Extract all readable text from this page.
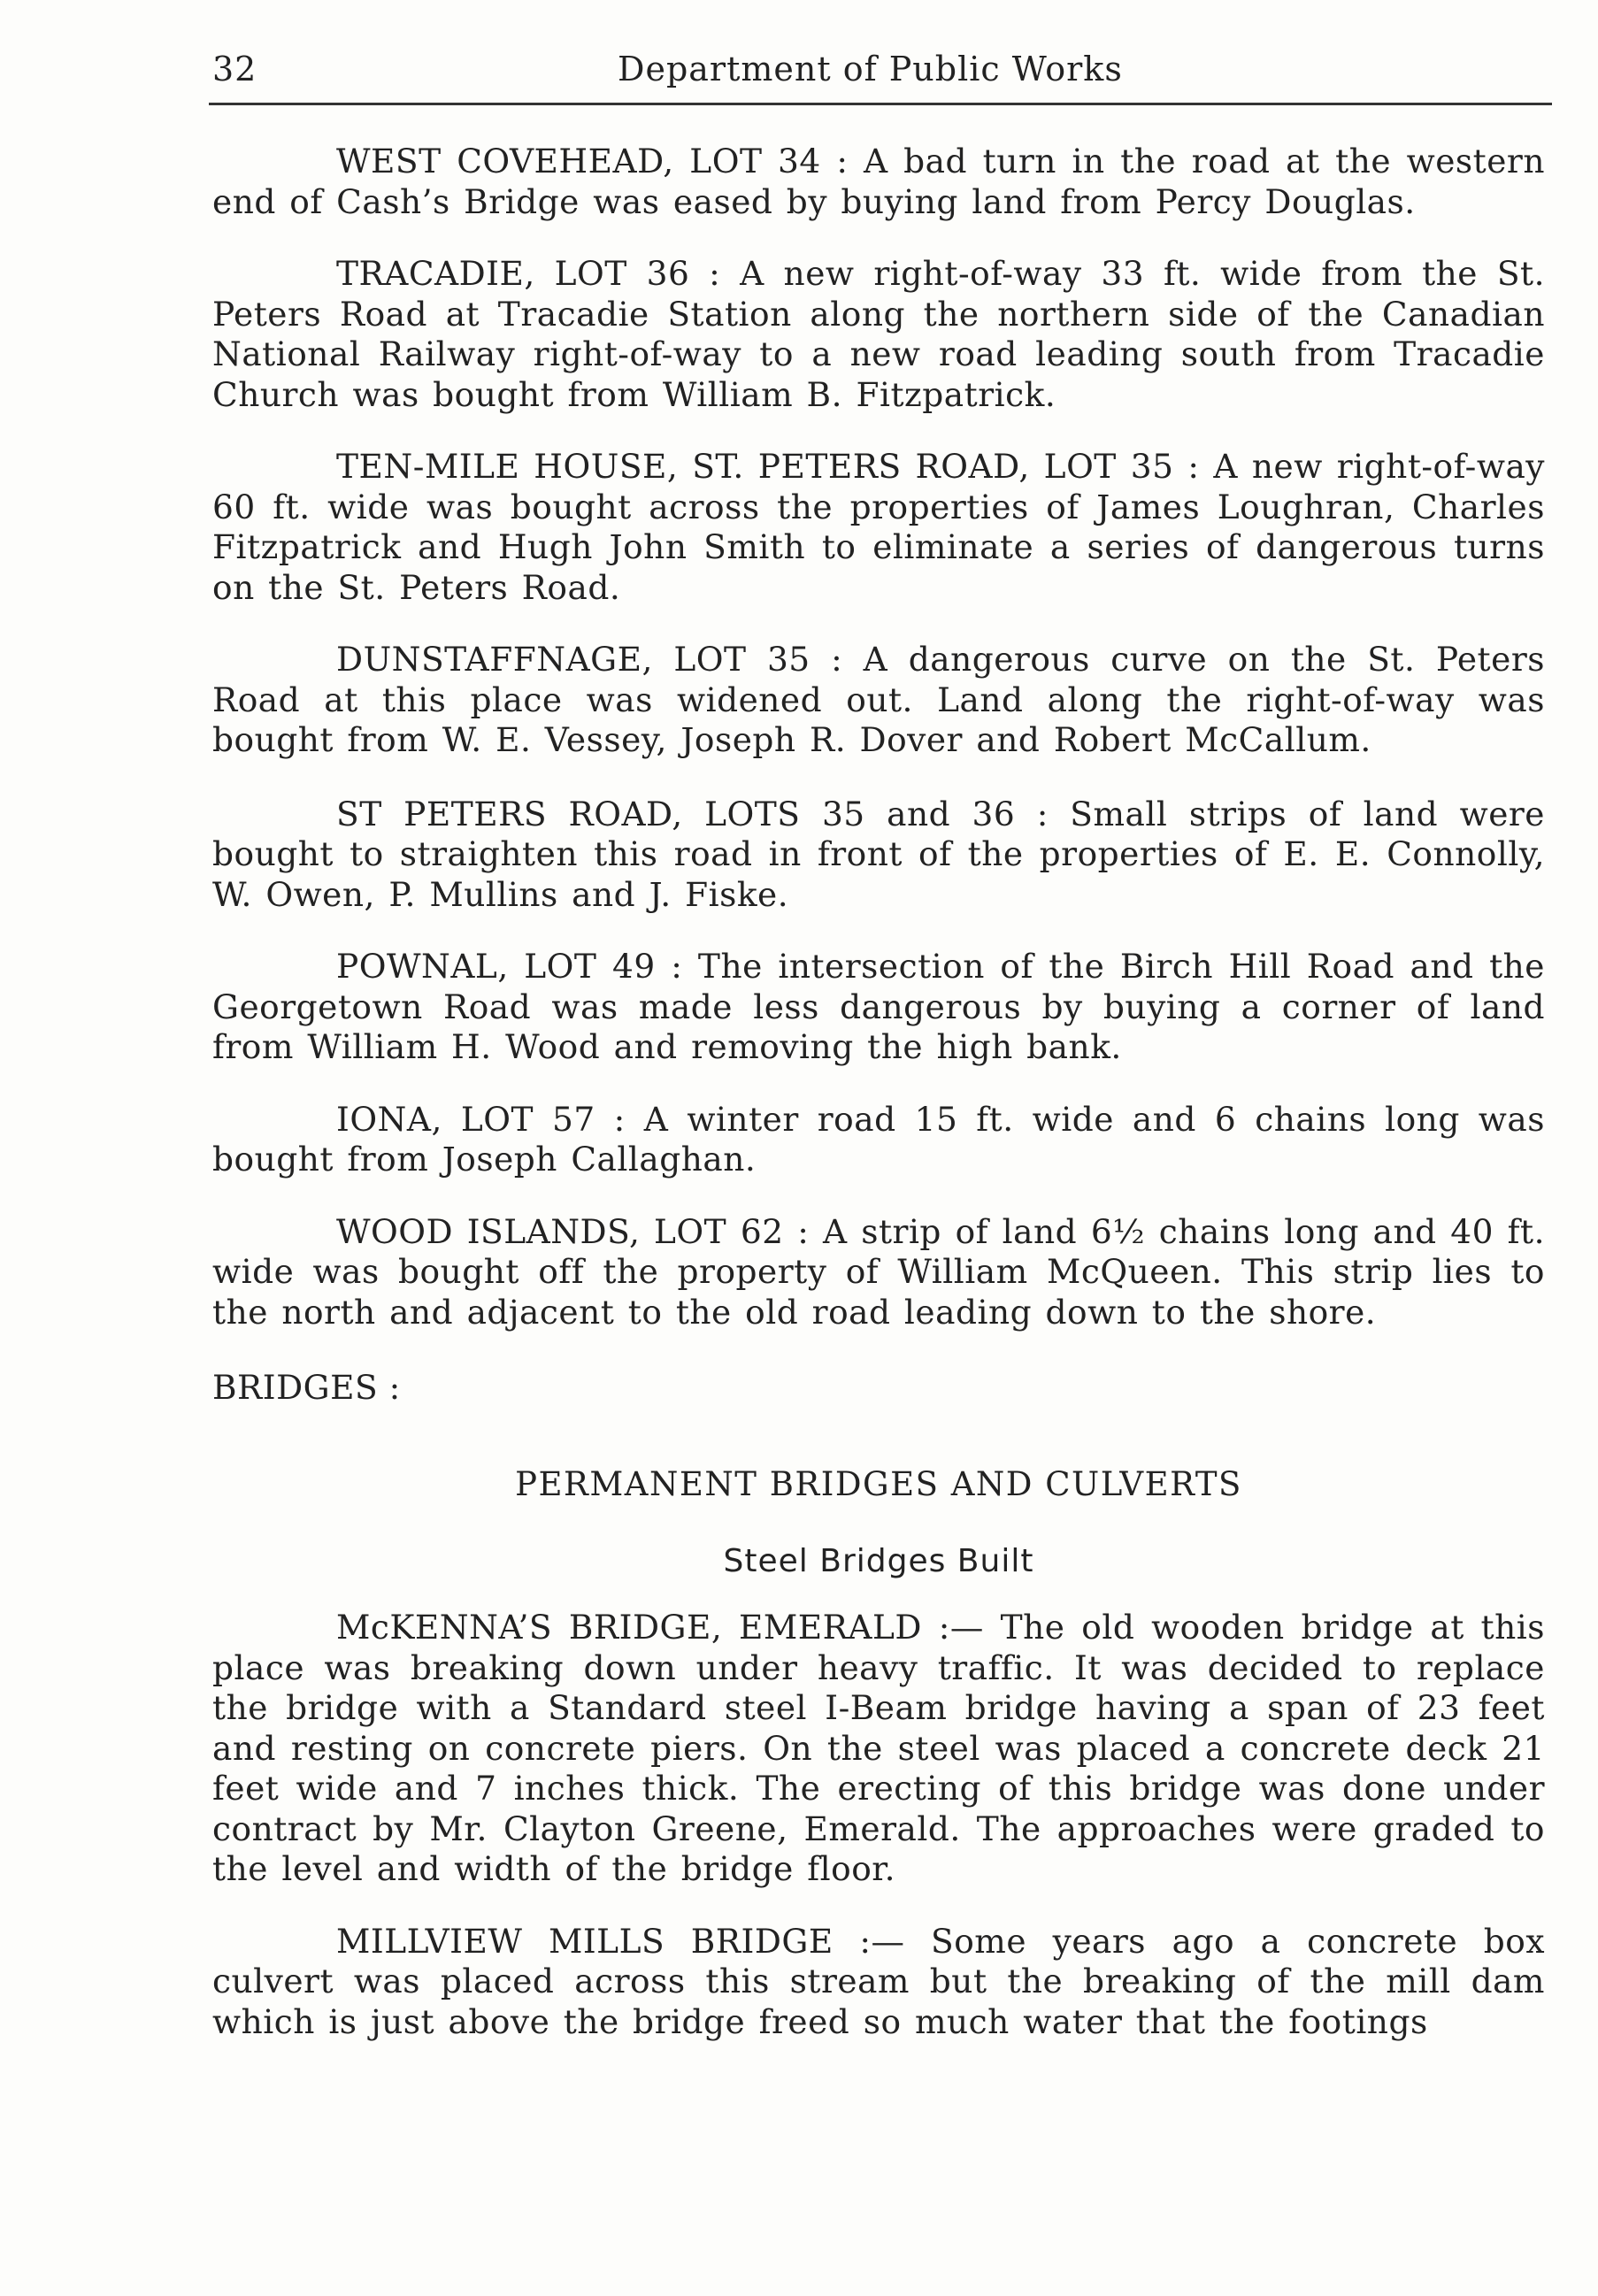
32	Department of Public Works

WEST COVEHEAD, LOT 34 : A bad turn in the road at the western end of Cash’s Bridge was eased by buying land from Percy Douglas.

TRACADIE, LOT 36 : A new right-of-way 33 ft. wide from the St. Peters Road at Tracadie Station along the northern side of the Canadian National Railway right-of-way to a new road leading south from Tracadie Church was bought from William B. Fitzpatrick.

TEN-MILE HOUSE, ST. PETERS ROAD, LOT 35 : A new right-of-way 60 ft. wide was bought across the properties of James Loughran, Charles Fitzpatrick and Hugh John Smith to eliminate a series of dangerous turns on the St. Peters Road.

DUNSTAFFNAGE, LOT 35 : A dangerous curve on the St. Peters Road at this place was widened out. Land along the right-of-way was bought from W. E. Vessey, Joseph R. Dover and Robert McCallum.

ST PETERS ROAD, LOTS 35 and 36 : Small strips of land were bought to straighten this road in front of the properties of E. E. Connolly, W. Owen, P. Mullins and J. Fiske.

POWNAL, LOT 49 : The intersection of the Birch Hill Road and the Georgetown Road was made less dangerous by buying a corner of land from William H. Wood and removing the high bank.

IONA, LOT 57 : A winter road 15 ft. wide and 6 chains long was bought from Joseph Callaghan.

WOOD ISLANDS, LOT 62 : A strip of land 6½ chains long and 40 ft. wide was bought off the property of William McQueen. This strip lies to the north and adjacent to the old road leading down to the shore.

BRIDGES :

PERMANENT BRIDGES AND CULVERTS

Steel Bridges Built

McKENNA’S BRIDGE, EMERALD :— The old wooden bridge at this place was breaking down under heavy traffic. It was decided to replace the bridge with a Standard steel I-Beam bridge having a span of 23 feet and resting on concrete piers. On the steel was placed a concrete deck 21 feet wide and 7 inches thick. The erecting of this bridge was done under contract by Mr. Clayton Greene, Emerald. The approaches were graded to the level and width of the bridge floor.

MILLVIEW MILLS BRIDGE :— Some years ago a concrete box culvert was placed across this stream but the breaking of the mill dam which is just above the bridge freed so much water that the footings
